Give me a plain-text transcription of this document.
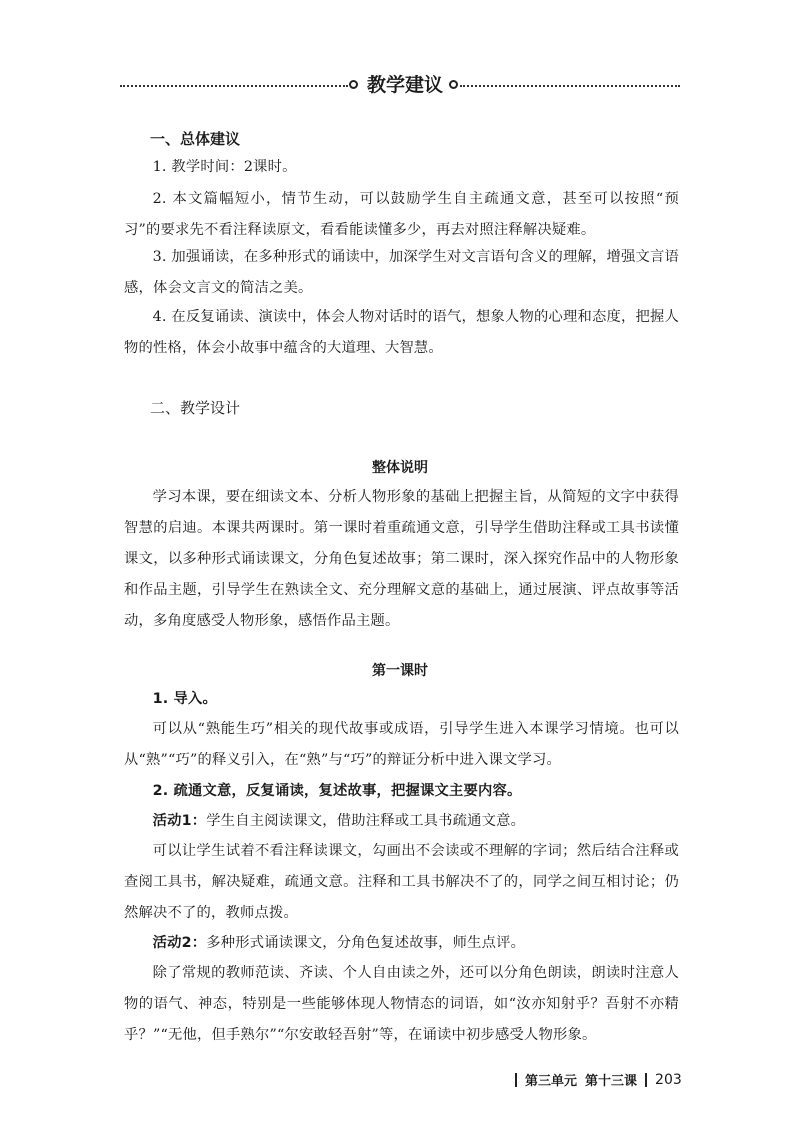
教学建议
一、总体建议

1. 教学时间：2课时。

2. 本文篇幅短小，情节生动，可以鼓励学生自主疏通文意，甚至可以按照“预习”的要求先不看注释读原文，看看能读懂多少，再去对照注释解决疑难。

3. 加强诵读，在多种形式的诵读中，加深学生对文言语句含义的理解，增强文言语感，体会文言文的简洁之美。

4. 在反复诵读、演读中，体会人物对话时的语气，想象人物的心理和态度，把握人物的性格，体会小故事中蕴含的大道理、大智慧。

二、教学设计
整体说明

学习本课，要在细读文本、分析人物形象的基础上把握主旨，从简短的文字中获得智慧的启迪。本课共两课时。第一课时着重疏通文意，引导学生借助注释或工具书读懂课文，以多种形式诵读课文，分角色复述故事；第二课时，深入探究作品中的人物形象和作品主题，引导学生在熟读全文、充分理解文意的基础上，通过展演、评点故事等活动，多角度感受人物形象，感悟作品主题。

第一课时

1. 导入。

可以从“熟能生巧”相关的现代故事或成语，引导学生进入本课学习情境。也可以从“熟”“巧”的释义引入，在“熟”与“巧”的辩证分析中进入课文学习。

2. 疏通文意，反复诵读，复述故事，把握课文主要内容。

活动1：学生自主阅读课文，借助注释或工具书疏通文意。

可以让学生试着不看注释读课文，勾画出不会读或不理解的字词；然后结合注释或查阅工具书，解决疑难，疏通文意。注释和工具书解决不了的，同学之间互相讨论；仍然解决不了的，教师点拨。

活动2：多种形式诵读课文，分角色复述故事，师生点评。

除了常规的教师范读、齐读、个人自由读之外，还可以分角色朗读，朗读时注意人物的语气、神态，特别是一些能够体现人物情态的词语，如“汝亦知射乎？吾射不亦精乎？”“无他，但手熟尔”“尔安敢轻吾射”等，在诵读中初步感受人物形象。

第三单元 第十三课 203
